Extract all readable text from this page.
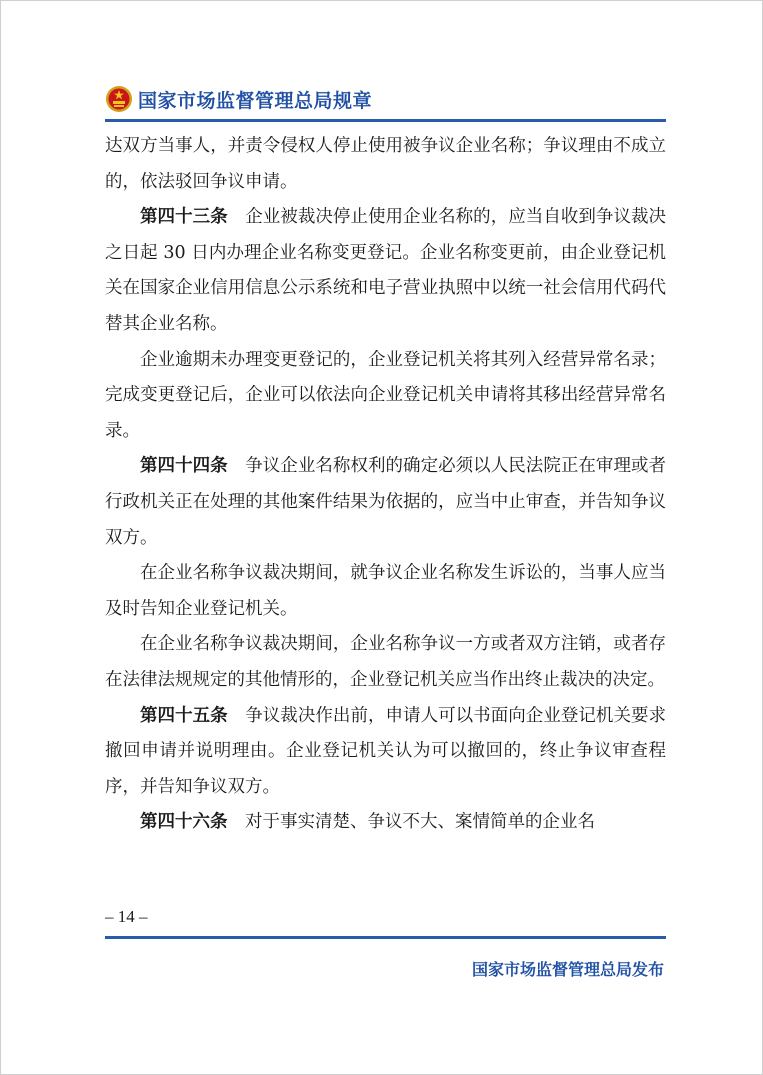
国家市场监督管理总局规章

达双方当事人，并责令侵权人停止使用被争议企业名称；争议理由不成立的，依法驳回争议申请。

第四十三条　 企业被裁决停止使用企业名称的，应当自收到争议裁决之日起 30 日内办理企业名称变更登记。企业名称变更前，由企业登记机关在国家企业信用信息公示系统和电子营业执照中以统一社会信用代码代替其企业名称。

企业逾期未办理变更登记的，企业登记机关将其列入经营异常名录；完成变更登记后，企业可以依法向企业登记机关申请将其移出经营异常名录。

第四十四条　 争议企业名称权利的确定必须以人民法院正在审理或者行政机关正在处理的其他案件结果为依据的，应当中止审查，并告知争议双方。

在企业名称争议裁决期间，就争议企业名称发生诉讼的，当事人应当及时告知企业登记机关。

在企业名称争议裁决期间，企业名称争议一方或者双方注销，或者存在法律法规规定的其他情形的，企业登记机关应当作出终止裁决的决定。

第四十五条　 争议裁决作出前，申请人可以书面向企业登记机关要求撤回申请并说明理由。企业登记机关认为可以撤回的，终止争议审查程序，并告知争议双方。

第四十六条　 对于事实清楚、争议不大、案情简单的企业名

– 14 –
国家市场监督管理总局发布
